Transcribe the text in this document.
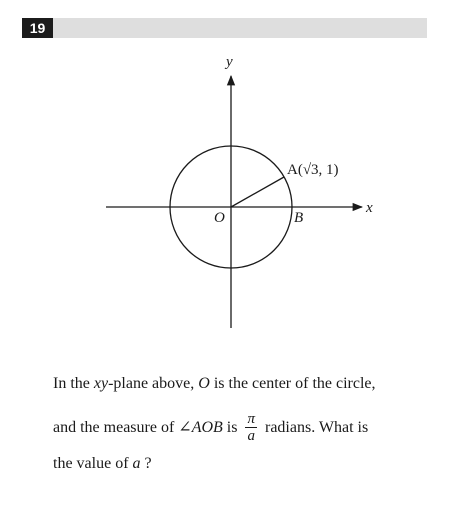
19
y
x
O
A(√3, 1)
B
In the xy-plane above, O is the center of the circle,
and the measure of ∠AOB is $\frac{\pi}{a}$ radians. What is
the value of a ?
